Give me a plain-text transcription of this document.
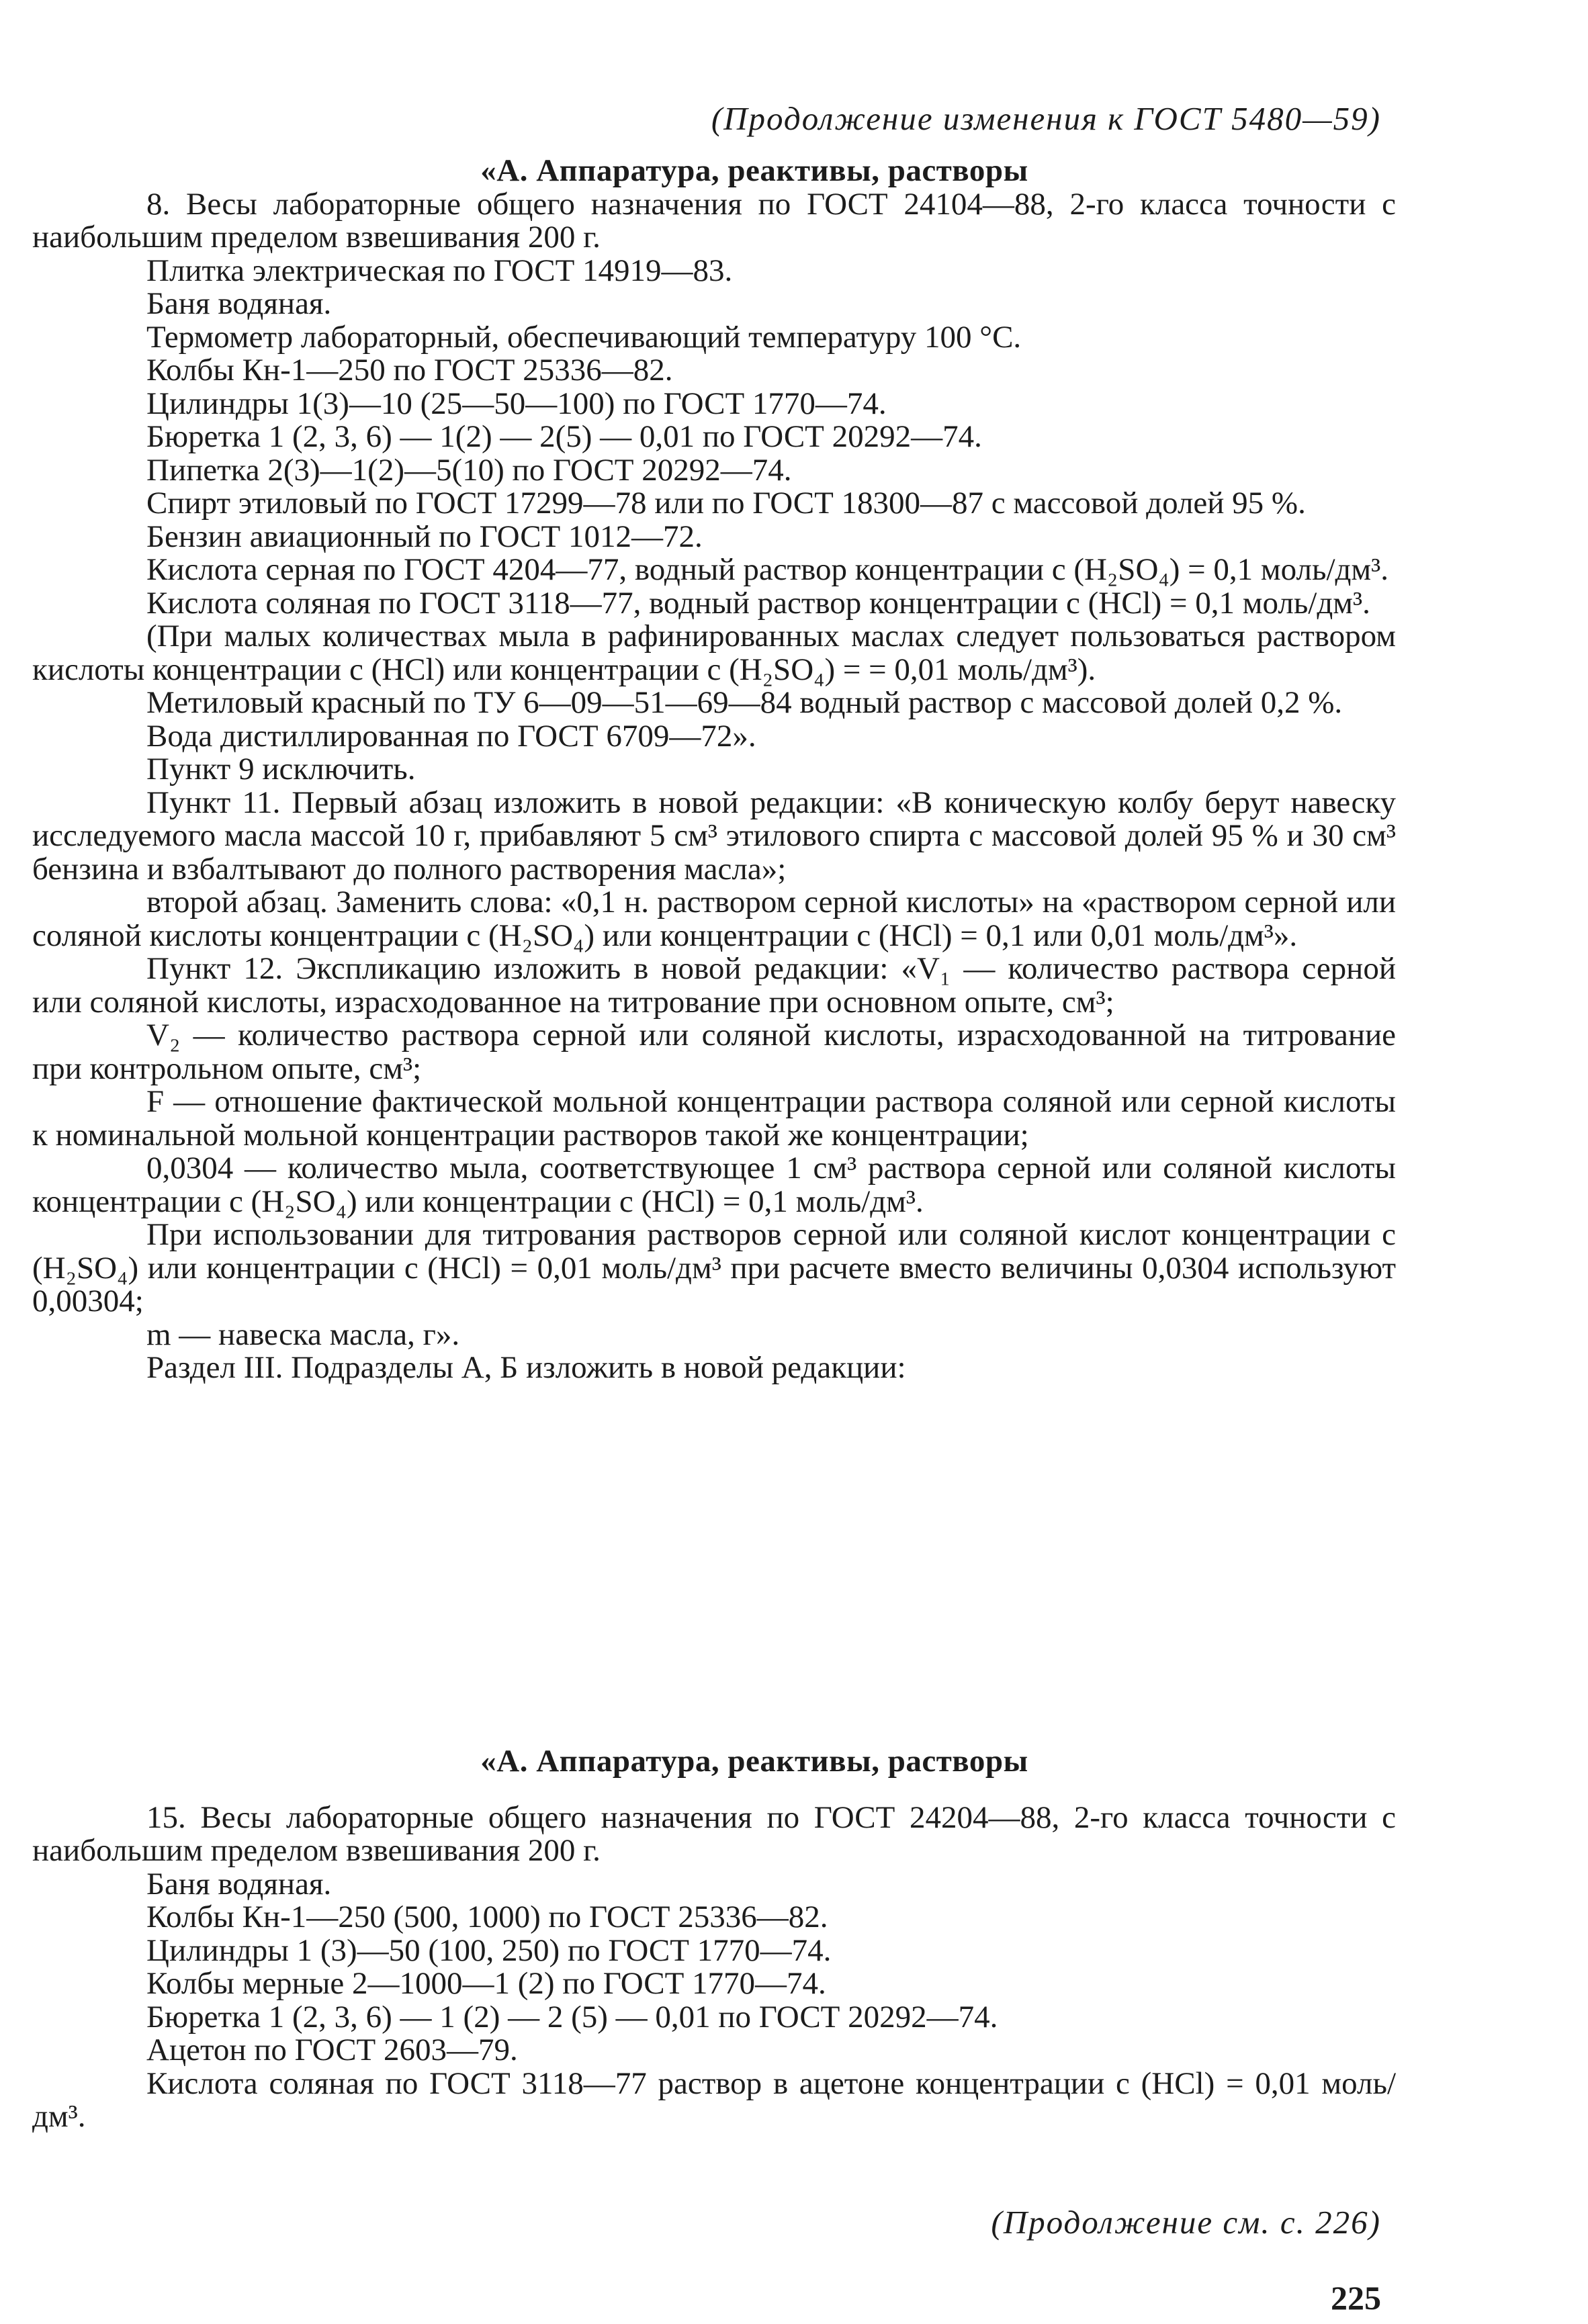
(Продолжение изменения к ГОСТ 5480—59)
«А. Аппаратура, реактивы, растворы

8. Весы лабораторные общего назначения по ГОСТ 24104—88, 2-го класса точности с наибольшим пределом взвешивания 200 г.

Плитка электрическая по ГОСТ 14919—83.

Баня водяная.

Термометр лабораторный, обеспечивающий температуру 100 °С.

Колбы Кн-1—250 по ГОСТ 25336—82.

Цилиндры 1(3)—10 (25—50—100) по ГОСТ 1770—74.

Бюретка 1 (2, 3, 6) — 1(2) — 2(5) — 0,01 по ГОСТ 20292—74.

Пипетка 2(3)—1(2)—5(10) по ГОСТ 20292—74.

Спирт этиловый по ГОСТ 17299—78 или по ГОСТ 18300—87 с массовой долей 95 %.

Бензин авиационный по ГОСТ 1012—72.

Кислота серная по ГОСТ 4204—77, водный раствор концентрации с (H₂SO₄) = 0,1 моль/дм³.

Кислота соляная по ГОСТ 3118—77, водный раствор концентрации с (HCl) = 0,1 моль/дм³.

(При малых количествах мыла в рафинированных маслах следует пользоваться раствором кислоты концентрации с (HCl) или концентрации с (H₂SO₄) = = 0,01 моль/дм³).

Метиловый красный по ТУ 6—09—51—69—84 водный раствор с массовой долей 0,2 %.

Вода дистиллированная по ГОСТ 6709—72».

Пункт 9 исключить.

Пункт 11. Первый абзац изложить в новой редакции: «В коническую колбу берут навеску исследуемого масла массой 10 г, прибавляют 5 см³ этилового спирта с массовой долей 95 % и 30 см³ бензина и взбалтывают до полного растворения масла»;

второй абзац. Заменить слова: «0,1 н. раствором серной кислоты» на «раствором серной или соляной кислоты концентрации с (H₂SO₄) или концентрации с (HCl) = 0,1 или 0,01 моль/дм³».

Пункт 12. Экспликацию изложить в новой редакции: «V₁ — количество раствора серной или соляной кислоты, израсходованное на титрование при основном опыте, см³;

V₂ — количество раствора серной или соляной кислоты, израсходованной на титрование при контрольном опыте, см³;

F — отношение фактической мольной концентрации раствора соляной или серной кислоты к номинальной мольной концентрации растворов такой же концентрации;

0,0304 — количество мыла, соответствующее 1 см³ раствора серной или соляной кислоты концентрации с (H₂SO₄) или концентрации с (HCl) = 0,1 моль/дм³.

При использовании для титрования растворов серной или соляной кислот концентрации с (H₂SO₄) или концентрации с (HCl) = 0,01 моль/дм³ при расчете вместо величины 0,0304 используют 0,00304;

m — навеска масла, г».

Раздел III. Подразделы А, Б изложить в новой редакции:

«А. Аппаратура, реактивы, растворы

15. Весы лабораторные общего назначения по ГОСТ 24204—88, 2-го класса точности с наибольшим пределом взвешивания 200 г.

Баня водяная.

Колбы Кн-1—250 (500, 1000) по ГОСТ 25336—82.

Цилиндры 1 (3)—50 (100, 250) по ГОСТ 1770—74.

Колбы мерные 2—1000—1 (2) по ГОСТ 1770—74.

Бюретка 1 (2, 3, 6) — 1 (2) — 2 (5) — 0,01 по ГОСТ 20292—74.

Ацетон по ГОСТ 2603—79.

Кислота соляная по ГОСТ 3118—77 раствор в ацетоне концентрации с (HCl) = 0,01 моль/дм³.

(Продолжение см. с. 226)
225
